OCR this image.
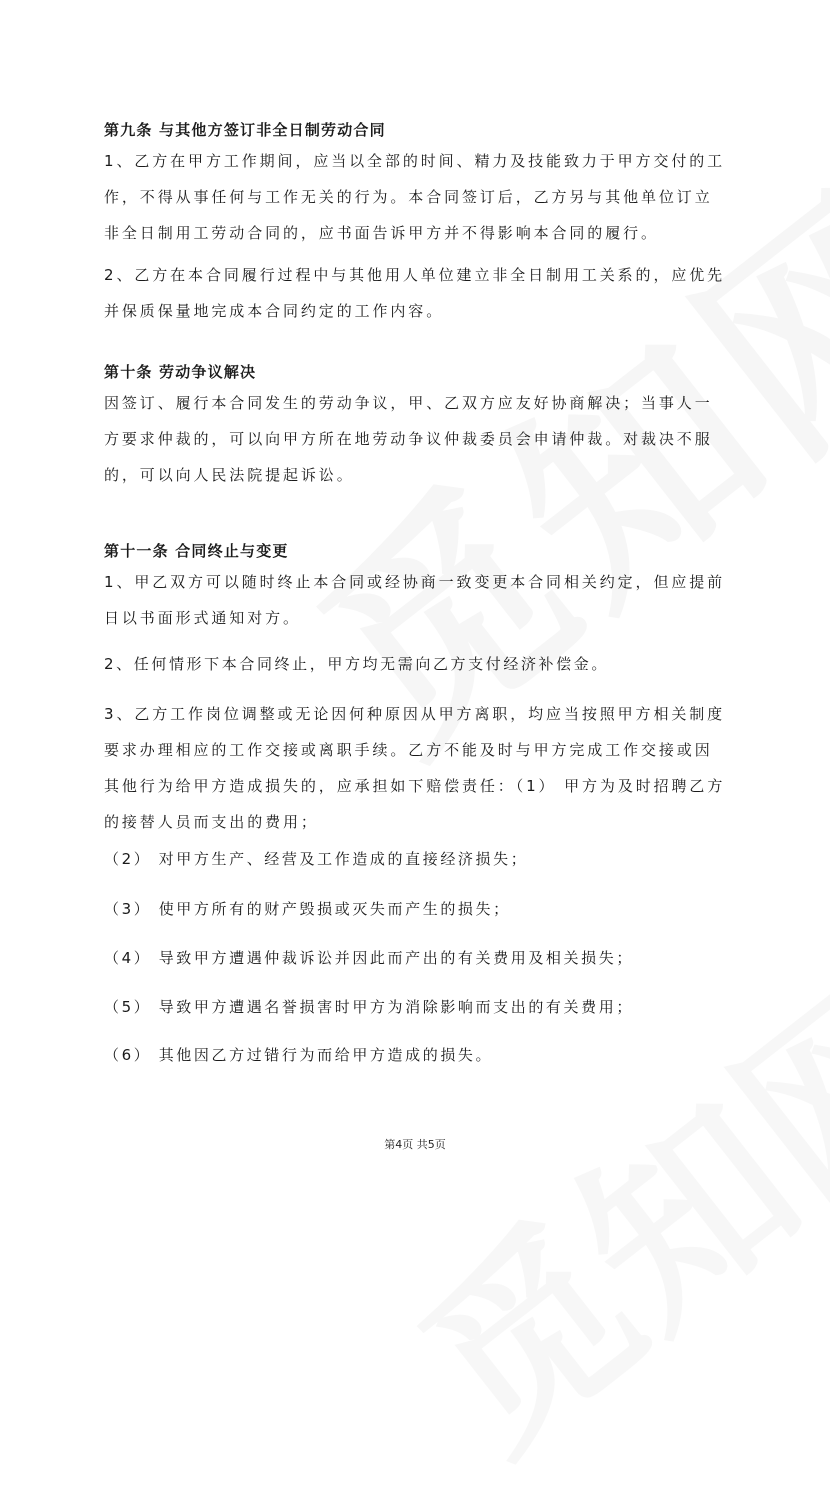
第九条 与其他方签订非全日制劳动合同
1、乙方在甲方工作期间，应当以全部的时间、精力及技能致力于甲方交付的工作，不得从事任何与工作无关的行为。本合同签订后，乙方另与其他单位订立非全日制用工劳动合同的，应书面告诉甲方并不得影响本合同的履行。
2、乙方在本合同履行过程中与其他用人单位建立非全日制用工关系的，应优先并保质保量地完成本合同约定的工作内容。
第十条 劳动争议解决
因签订、履行本合同发生的劳动争议，甲、乙双方应友好协商解决；当事人一方要求仲裁的，可以向甲方所在地劳动争议仲裁委员会申请仲裁。对裁决不服的，可以向人民法院提起诉讼。
第十一条 合同终止与变更
1、甲乙双方可以随时终止本合同或经协商一致变更本合同相关约定，但应提前日以书面形式通知对方。
2、任何情形下本合同终止，甲方均无需向乙方支付经济补偿金。
3、乙方工作岗位调整或无论因何种原因从甲方离职，均应当按照甲方相关制度要求办理相应的工作交接或离职手续。乙方不能及时与甲方完成工作交接或因其他行为给甲方造成损失的，应承担如下赔偿责任：（1） 甲方为及时招聘乙方的接替人员而支出的费用；
（2） 对甲方生产、经营及工作造成的直接经济损失；
（3） 使甲方所有的财产毁损或灭失而产生的损失；
（4） 导致甲方遭遇仲裁诉讼并因此而产出的有关费用及相关损失；
（5） 导致甲方遭遇名誉损害时甲方为消除影响而支出的有关费用；
（6） 其他因乙方过错行为而给甲方造成的损失。
第4页 共5页
